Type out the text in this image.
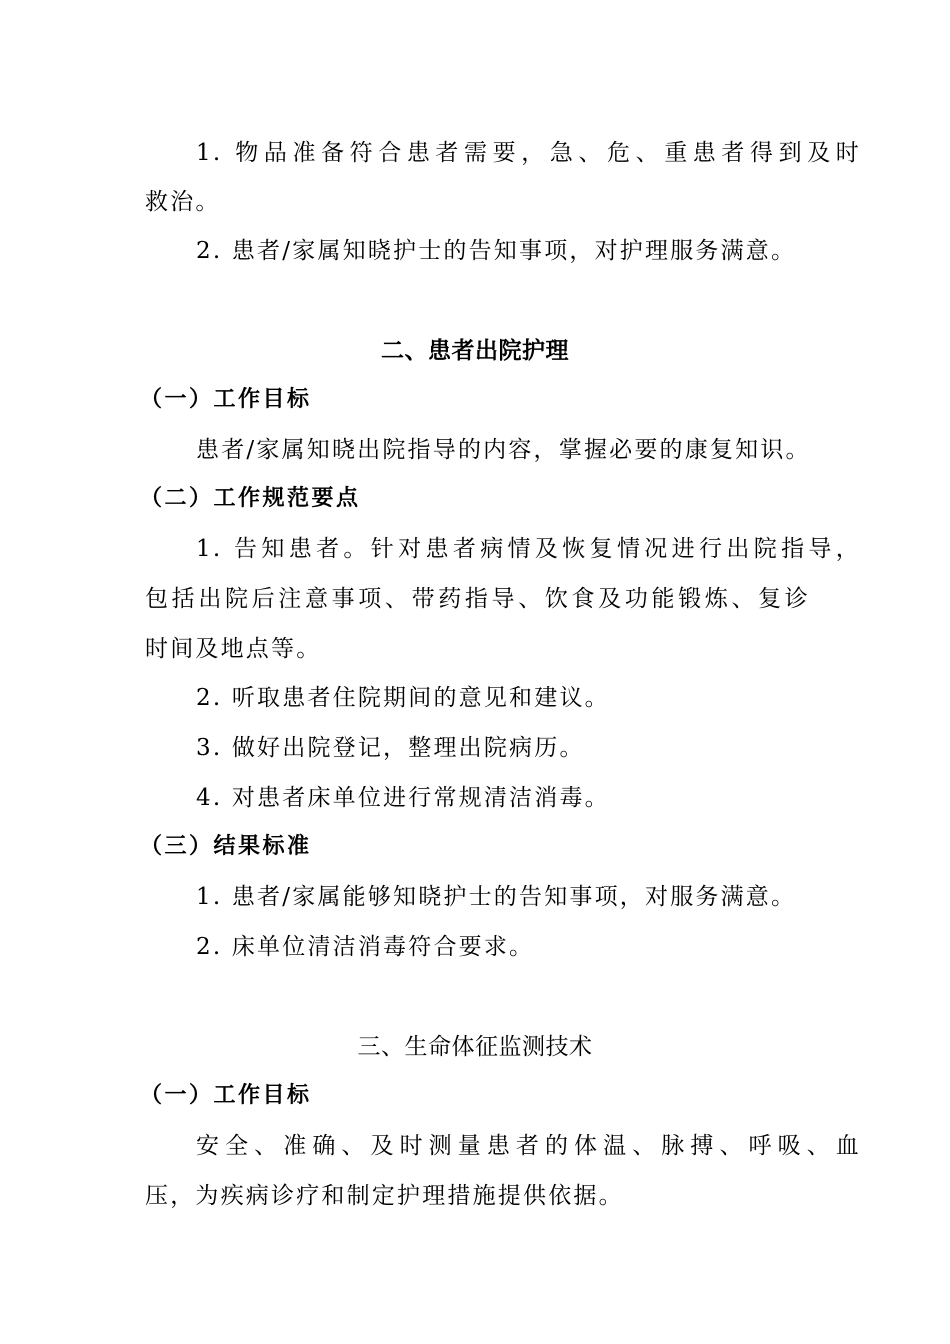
1. 物品准备符合患者需要，急、危、重患者得到及时
救治。
2. 患者/家属知晓护士的告知事项，对护理服务满意。
二、患者出院护理
（一）工作目标
患者/家属知晓出院指导的内容，掌握必要的康复知识。
（二）工作规范要点
1. 告知患者。针对患者病情及恢复情况进行出院指导，
包括出院后注意事项、带药指导、饮食及功能锻炼、复诊
时间及地点等。
2. 听取患者住院期间的意见和建议。
3. 做好出院登记，整理出院病历。
4. 对患者床单位进行常规清洁消毒。
（三）结果标准
1. 患者/家属能够知晓护士的告知事项，对服务满意。
2. 床单位清洁消毒符合要求。
三、生命体征监测技术
（一）工作目标
安全、准确、及时测量患者的体温、脉搏、呼吸、血
压，为疾病诊疗和制定护理措施提供依据。
